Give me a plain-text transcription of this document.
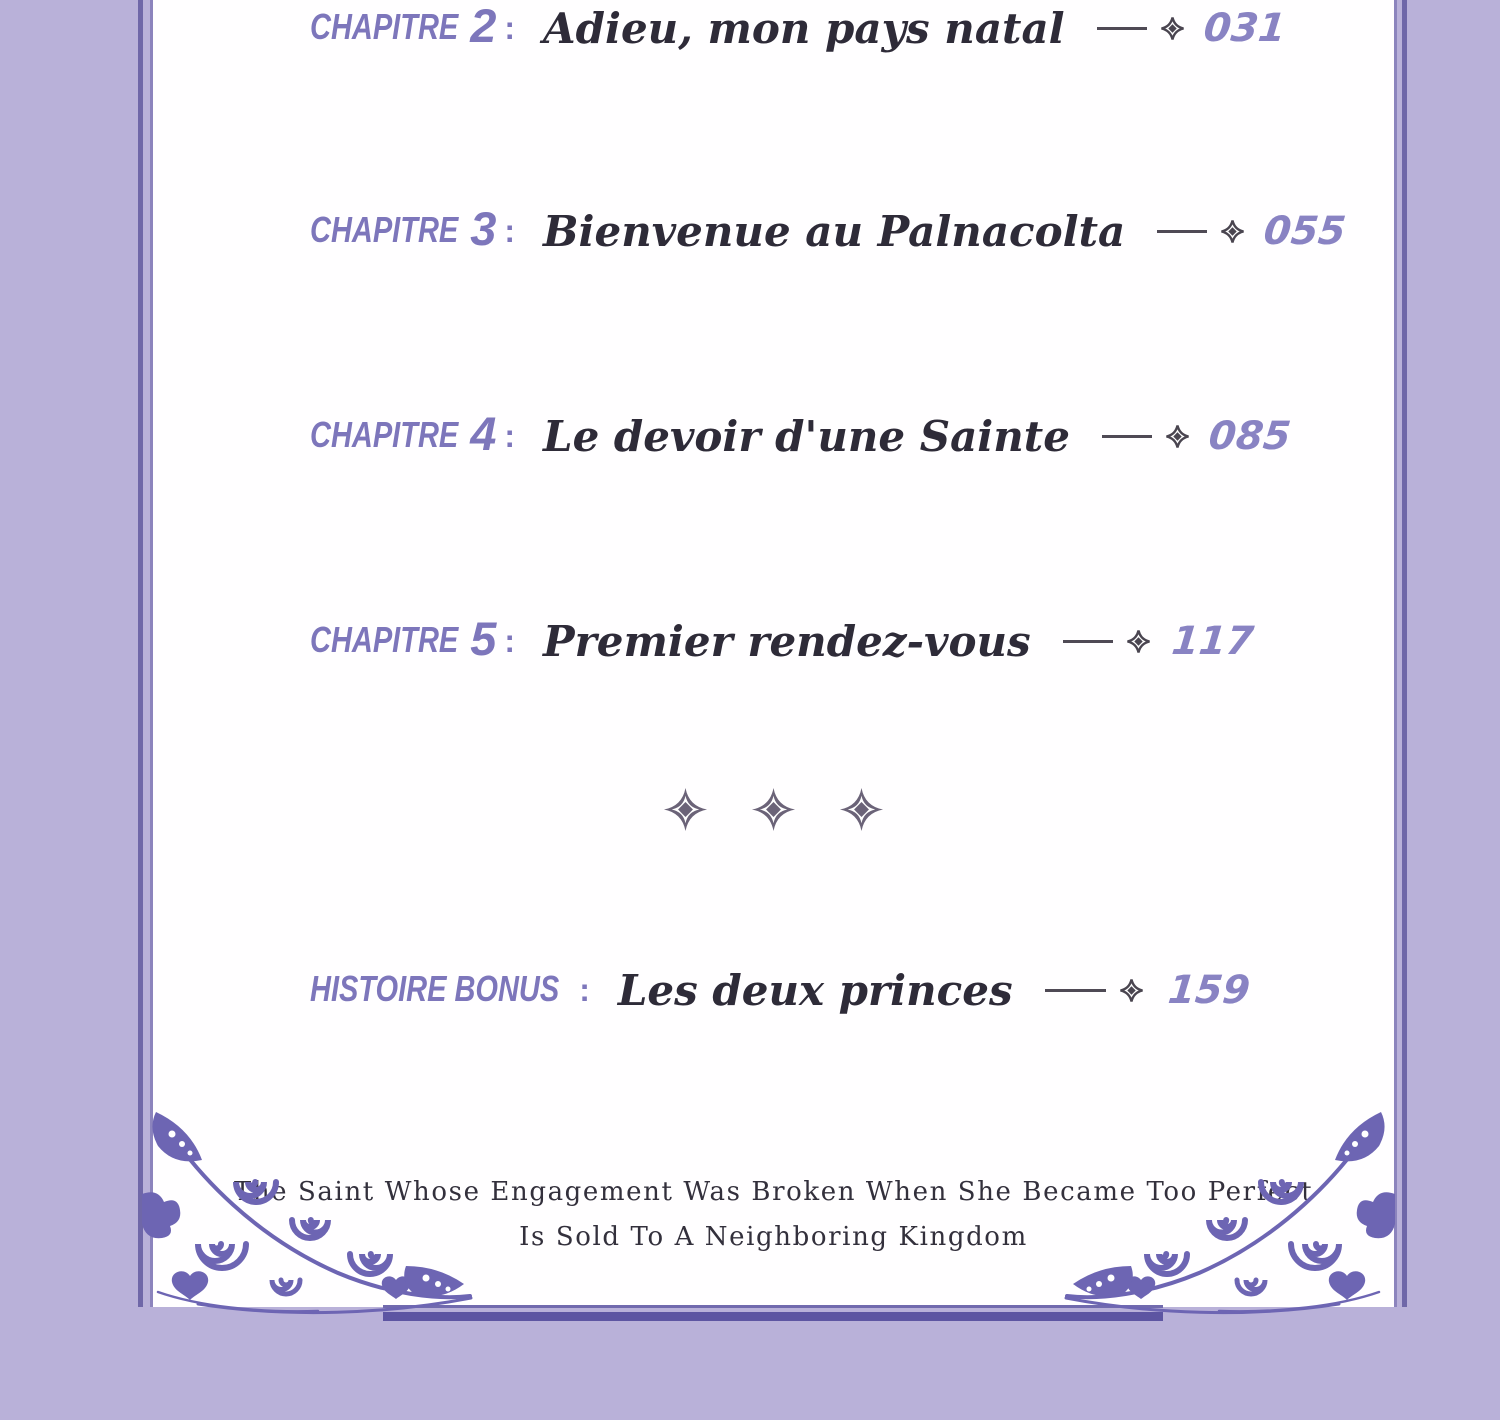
CHAPITRE 2 : Adieu, mon pays natal	031
CHAPITRE 3 : Bienvenue au Palnacolta	055
CHAPITRE 4 : Le devoir d'une Sainte	085
CHAPITRE 5 : Premier rendez-vous	117
HISTOIRE BONUS : Les deux princes	159
The Saint Whose Engagement Was Broken When She Became Too Perfect
Is Sold To A Neighboring Kingdom
